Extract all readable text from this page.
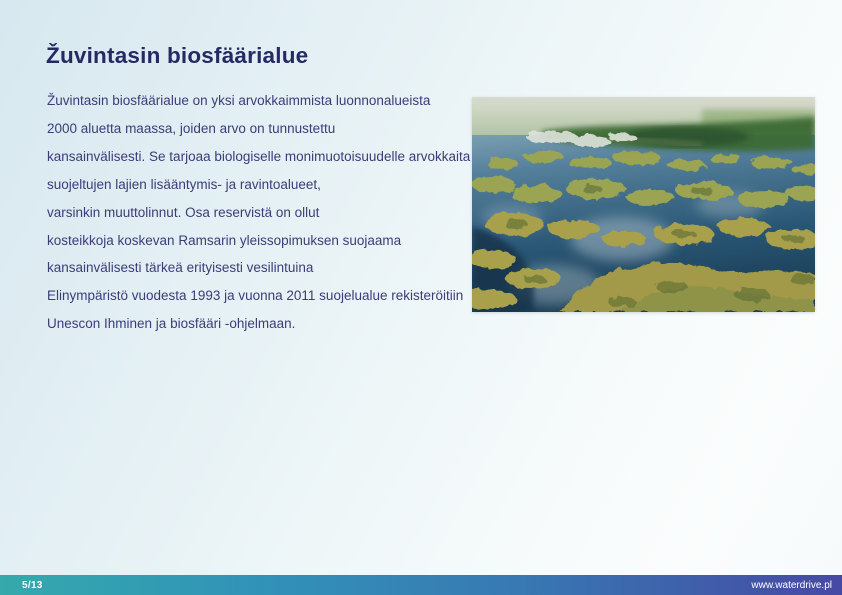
Žuvintasin biosfäärialue
Žuvintasin biosfäärialue on yksi arvokkaimmista luonnonalueista
2000 aluetta maassa, joiden arvo on tunnustettu
kansainvälisesti. Se tarjoaa biologiselle monimuotoisuudelle arvokkaita
suojeltujen lajien lisääntymis- ja ravintoalueet,
varsinkin muuttolinnut. Osa reservistä on ollut
kosteikkoja koskevan Ramsarin yleissopimuksen suojaama
kansainvälisesti tärkeä erityisesti vesilintuina
Elinympäristö vuodesta 1993 ja vuonna 2011 suojelualue rekisteröitiin
Unescon Ihminen ja biosfääri -ohjelmaan.
5/13	www.waterdrive.pl
